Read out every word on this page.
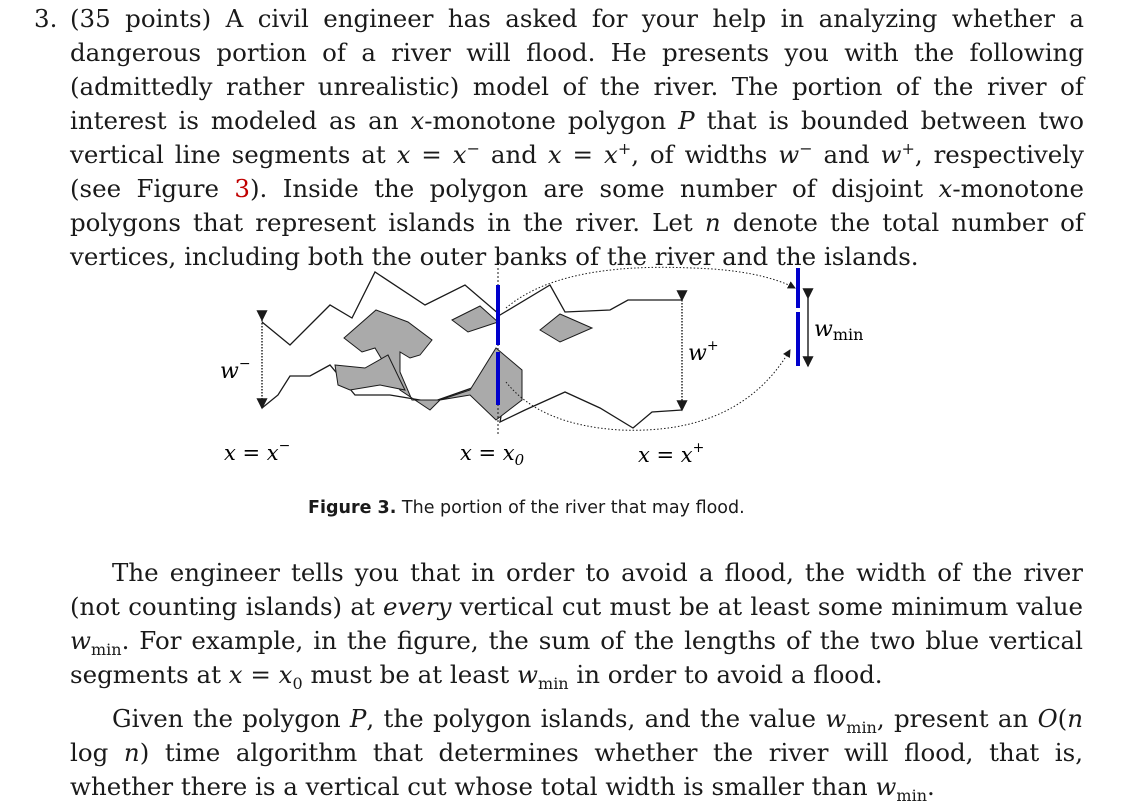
3. (35 points) A civil engineer has asked for your help in analyzing whether a dangerous portion of a river will flood. He presents you with the following (admittedly rather unrealistic) model of the river. The portion of the river of interest is modeled as an x-monotone polygon P that is bounded between two vertical line segments at x = x− and x = x+, of widths w− and w+, respectively (see Figure 3). Inside the polygon are some number of disjoint x-monotone polygons that represent islands in the river. Let n denote the total number of vertices, including both the outer banks of the river and the islands.
w−	w+
wmin
x = x−	$x = x_0$	x = x+
Figure 3. The portion of the river that may flood.
The engineer tells you that in order to avoid a flood, the width of the river (not counting islands) at every vertical cut must be at least some minimum value $w_{min}$. For example, in the figure, the sum of the lengths of the two blue vertical segments at $x = x_0$ must be at least $w_{min}$ in order to avoid a flood.
Given the polygon P, the polygon islands, and the value $w_{min}$, present an O(n log n) time algorithm that determines whether the river will flood, that is, whether there is a vertical cut whose total width is smaller than $w_{min}$.
